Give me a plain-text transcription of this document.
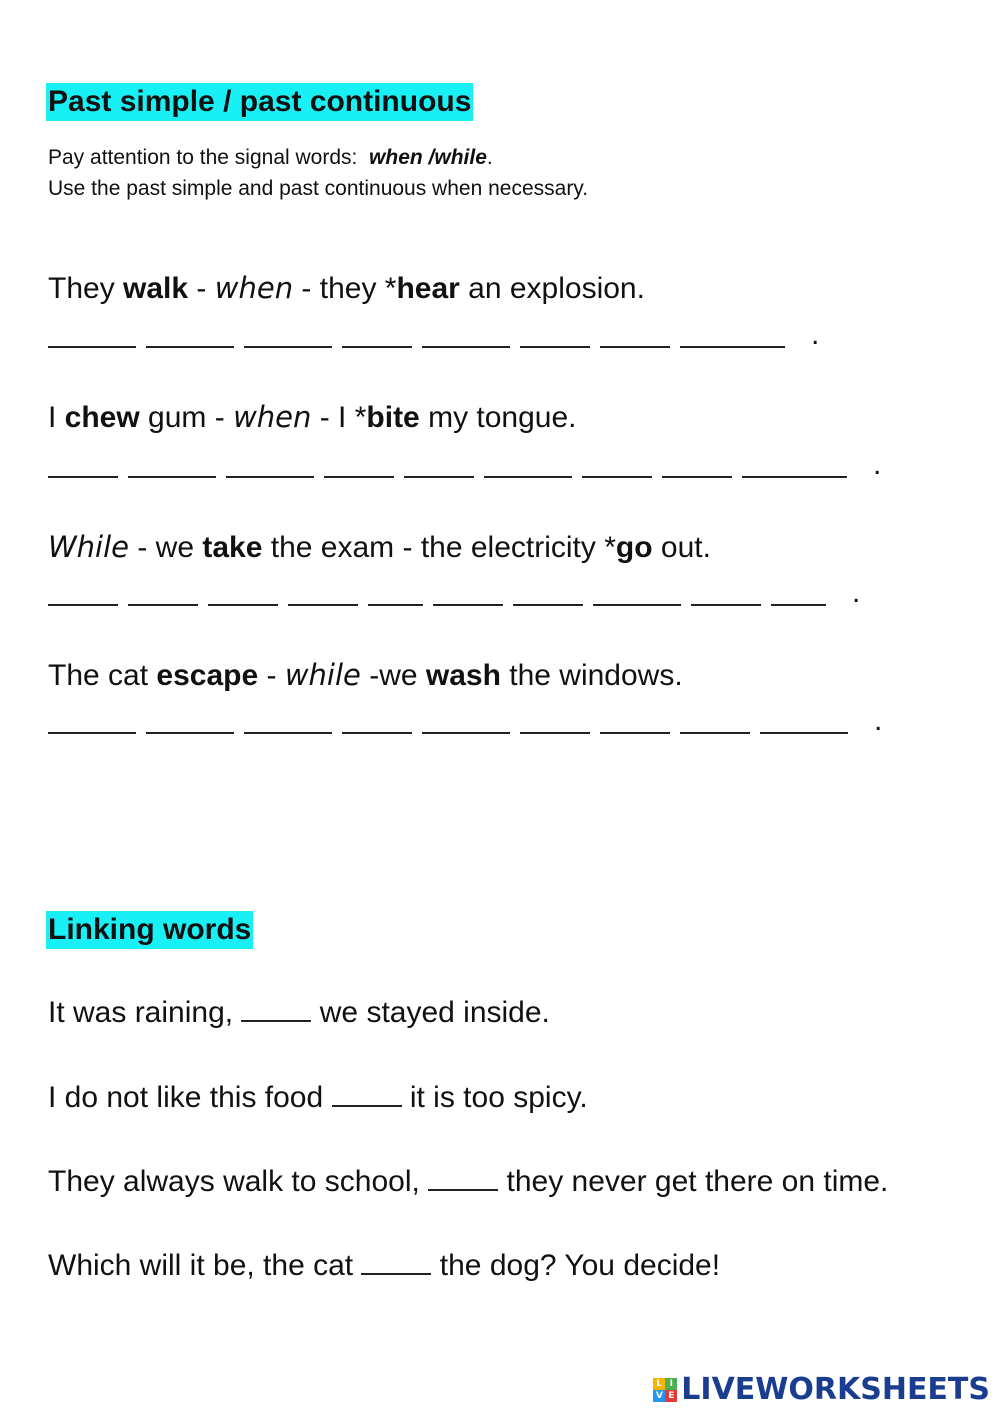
Past simple / past continuous
Pay attention to the signal words: when /while.
Use the past simple and past continuous when necessary.
They walk - when - they *hear an explosion.
.
I chew gum - when - I *bite my tongue.
.
While - we take the exam - the electricity *go out.
.
The cat escape - while -we wash the windows.
.
Linking words
It was raining,  we stayed inside.
I do not like this food  it is too spicy.
They always walk to school,  they never get there on time.
Which will it be, the cat  the dog? You decide!
L I
V E LIVEWORKSHEETS
